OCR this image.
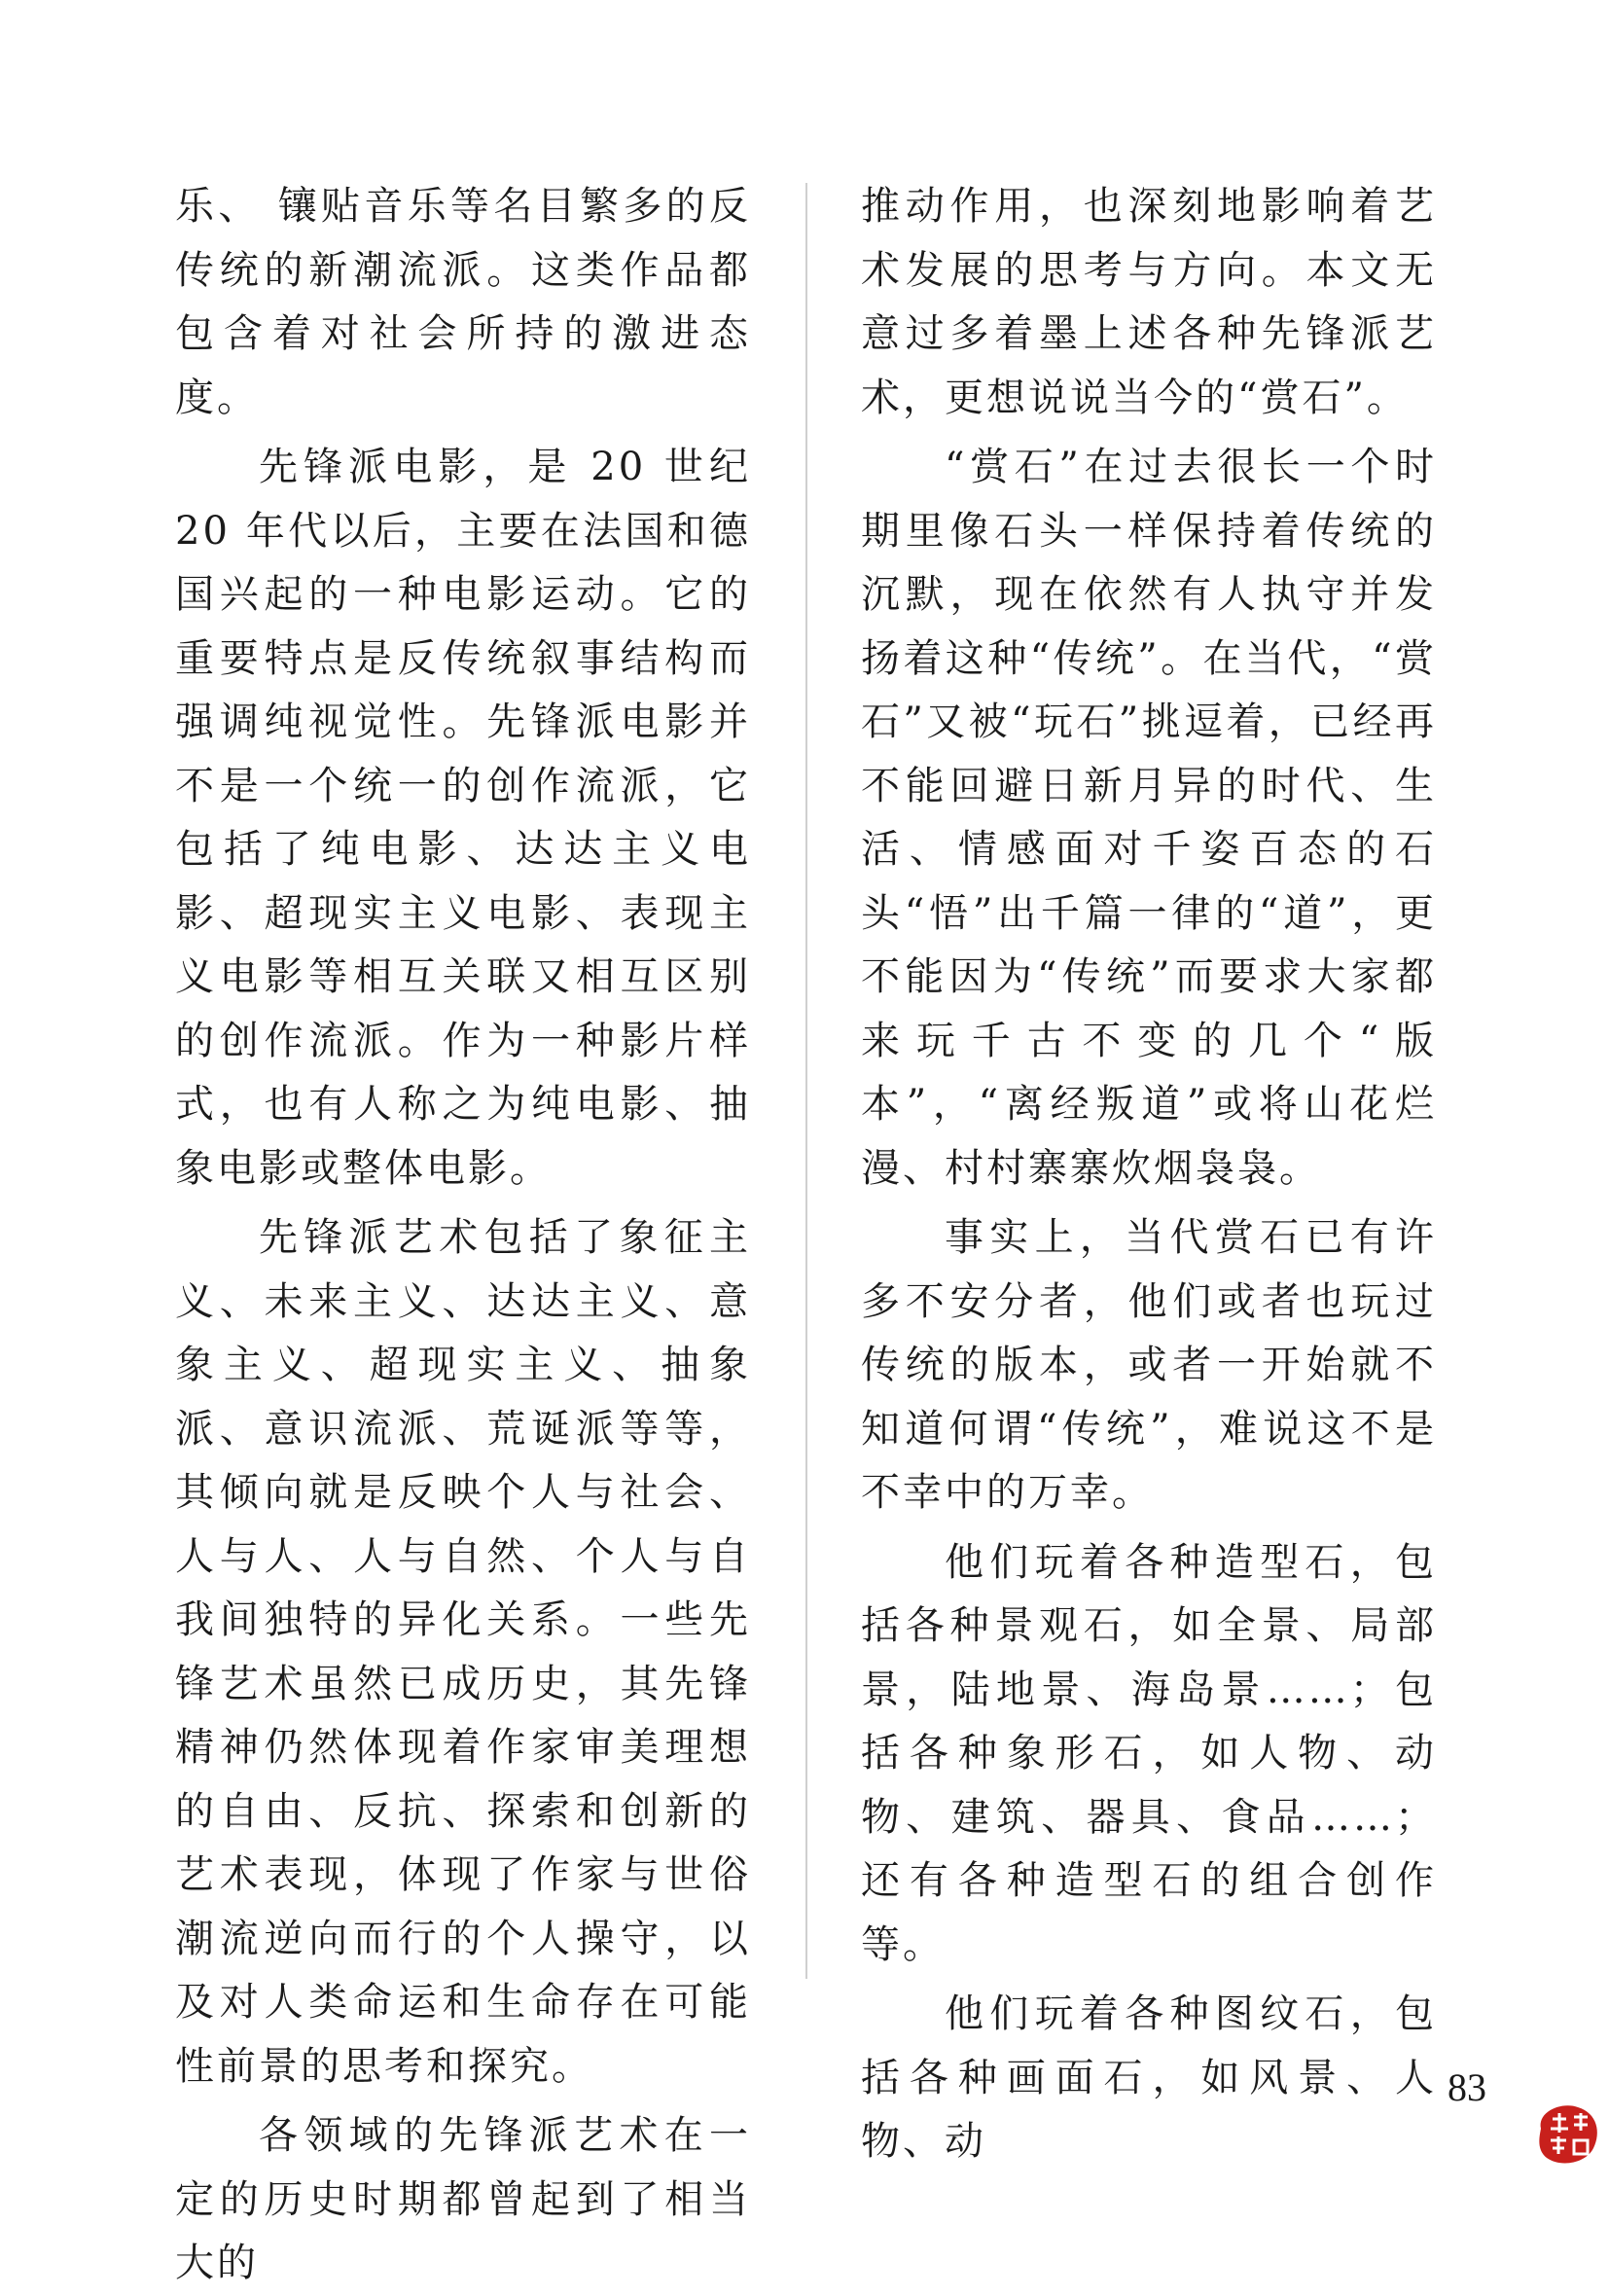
乐、 镶贴音乐等名目繁多的反传统的新潮流派。这类作品都包含着对社会所持的激进态度。

先锋派电影，是 20 世纪 20 年代以后，主要在法国和德国兴起的一种电影运动。它的重要特点是反传统叙事结构而强调纯视觉性。先锋派电影并不是一个统一的创作流派，它包括了纯电影、达达主义电影、超现实主义电影、表现主义电影等相互关联又相互区别的创作流派。作为一种影片样式，也有人称之为纯电影、抽象电影或整体电影。

先锋派艺术包括了象征主义、未来主义、达达主义、意象主义、超现实主义、抽象派、意识流派、荒诞派等等，其倾向就是反映个人与社会、人与人、人与自然、个人与自我间独特的异化关系。一些先锋艺术虽然已成历史，其先锋精神仍然体现着作家审美理想的自由、反抗、探索和创新的艺术表现，体现了作家与世俗潮流逆向而行的个人操守，以及对人类命运和生命存在可能性前景的思考和探究。

各领域的先锋派艺术在一定的历史时期都曾起到了相当大的

推动作用，也深刻地影响着艺术发展的思考与方向。本文无意过多着墨上述各种先锋派艺术，更想说说当今的“赏石”。

“赏石”在过去很长一个时期里像石头一样保持着传统的沉默，现在依然有人执守并发扬着这种“传统”。在当代，“赏石”又被“玩石”挑逗着，已经再不能回避日新月异的时代、生活、情感面对千姿百态的石头“悟”出千篇一律的“道”，更不能因为“传统”而要求大家都来玩千古不变的几个“版本”，“离经叛道”或将山花烂漫、村村寨寨炊烟袅袅。

事实上，当代赏石已有许多不安分者，他们或者也玩过传统的版本，或者一开始就不知道何谓“传统”，难说这不是不幸中的万幸。

他们玩着各种造型石，包括各种景观石，如全景、局部景，陆地景、海岛景……；包括各种象形石，如人物、动物、建筑、器具、食品……；还有各种造型石的组合创作等。

他们玩着各种图纹石，包括各种画面石，如风景、人物、动

83
